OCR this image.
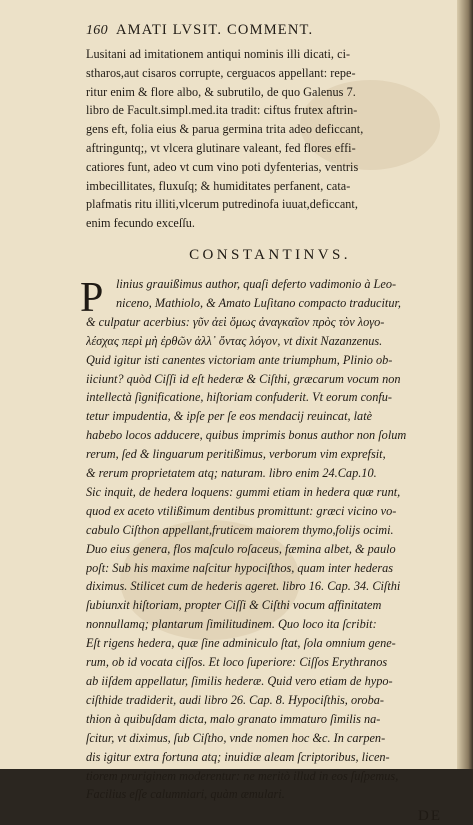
160 AMATI LVSIT. COMMENT.
Lusitani ad imitationem antiqui nominis illi dicati, ci-
stharos,aut cisaros corrupte, cerguacos appellant: repe-
ritur enim & flore albo, & subrutilo, de quo Galenus 7.
libro de Facult.simpl.med.ita tradit: ciftus frutex aftrin-
gens eft, folia eius & parua germina trita adeo deficcant,
aftringuntq;, vt vlcera glutinare valeant, fed flores effi-
catiores funt, adeo vt cum vino poti dyfenterias, ventris
imbecillitates, fluxuſq; & humiditates perfanent, cata-
plafmatis ritu illiti,vlcerum putredinofa iuuat,deficcant,
enim fecundo exceſſu.
CONSTANTINVS.
P	linius grauißimus author, quaſi deferto vadimonio à Leo-
niceno, Mathiolo, & Amato Luſitano compacto traducitur,
& culpatur acerbius: γῦν ἀεὶ ὅμως ἀναγκαῖον πρὸς τὸν λογο-
λέσχας περὶ μὴ ἐρθῶν ἀλλ᾽ ὄντας λόγον, vt dixit Nazanzenus.
Quid igitur isti canentes victoriam ante triumphum, Plinio ob-
iiciunt? quòd Ciſſi id eſt hederæ & Ciſthi, græcarum vocum non
intellectà ſignificatione, hiſtoriam confuderit. Vt eorum confu-
tetur impudentia, & ipſe per ſe eos mendacij reuincat, latè
habebo locos adducere, quibus imprimis bonus author non ſolum
rerum, ſed & linguarum peritißimus, verborum vim exprefsit,
& rerum proprietatem atq; naturam. libro enim 24.Cap.10.
Sic inquit, de hedera loquens: gummi etiam in hedera quæ runt,
quod ex aceto vtilißimum dentibus promittunt: græci vicino vo-
cabulo Ciſthon appellant,fruticem maiorem thymo,folijs ocimi.
Duo eius genera, flos maſculo roſaceus, fæmina albet, & paulo
poſt: Sub his maxime naſcitur hypociſthos, quam inter hederas
diximus. Stilicet cum de hederis ageret. libro 16. Cap. 34. Ciſthi
ſubiunxit hiſtoriam, propter Ciſſi & Ciſthi vocum affinitatem
nonnullamq; plantarum ſimilitudinem. Quo loco ita ſcribit:
Eſt rigens hedera, quæ ſine adminiculo ſtat, ſola omnium gene-
rum, ob id vocata ciſſos. Et loco ſuperiore: Ciſſos Erythranos
ab iiſdem appellatur, ſimilis hederæ. Quid vero etiam de hypo-
ciſthide tradiderit, audi libro 26. Cap. 8. Hypociſthis, oroba-
thion à quibuſdam dicta, malo granato immaturo ſimilis na-
ſcitur, vt diximus, ſub Ciſtho, vnde nomen hoc &c. In carpen-
dis igitur extra fortuna atq; inuidiæ aleam ſcriptoribus, licen-
tiorem pruriginem moderentur: ne meritò illud in eos ſuſpemus,
Facilius eſſe calumniari, quàm æmulari.
DE
